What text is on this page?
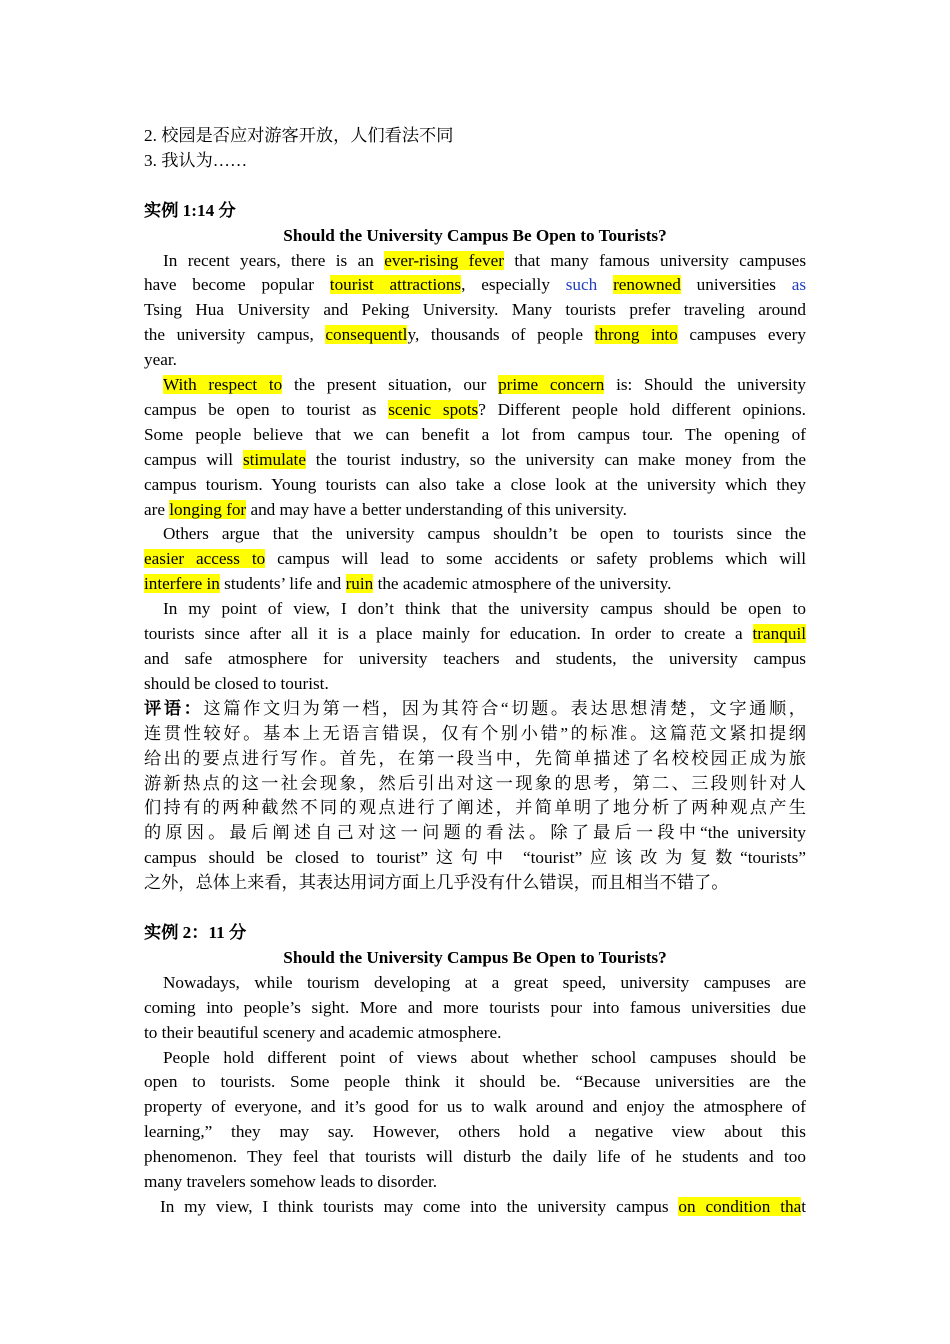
2. 校园是否应对游客开放，人们看法不同
3. 我认为……
实例 1:14 分
Should the University Campus Be Open to Tourists?
In recent years, there is an ever-rising fever that many famous university campuses
have become popular tourist attractions, especially such renowned universities as
Tsing Hua University and Peking University. Many tourists prefer traveling around
the university campus, consequently, thousands of people throng into campuses every
year.
With respect to the present situation, our prime concern is: Should the university
campus be open to tourist as scenic spots? Different people hold different opinions.
Some people believe that we can benefit a lot from campus tour. The opening of
campus will stimulate the tourist industry, so the university can make money from the
campus tourism. Young tourists can also take a close look at the university which they
are longing for and may have a better understanding of this university.
Others argue that the university campus shouldn’t be open to tourists since the
easier access to campus will lead to some accidents or safety problems which will
interfere in students’ life and ruin the academic atmosphere of the university.
In my point of view, I don’t think that the university campus should be open to
tourists since after all it is a place mainly for education. In order to create a tranquil
and safe atmosphere for university teachers and students, the university campus
should be closed to tourist.
评语：这篇作文归为第一档，因为其符合“切题。表达思想清楚，文字通顺，
连贯性较好。基本上无语言错误，仅有个别小错”的标准。这篇范文紧扣提纲
给出的要点进行写作。首先，在第一段当中，先简单描述了名校校园正成为旅
游新热点的这一社会现象，然后引出对这一现象的思考，第二、三段则针对人
们持有的两种截然不同的观点进行了阐述，并简单明了地分析了两种观点产生
的原因。最后阐述自己对这一问题的看法。除了最后一段中“the university
campus should be closed to tourist”这句中 “tourist”应该改为复数“tourists”
之外，总体上来看，其表达用词方面上几乎没有什么错误，而且相当不错了。
实例 2：11 分
Should the University Campus Be Open to Tourists?
Nowadays, while tourism developing at a great speed, university campuses are
coming into people’s sight. More and more tourists pour into famous universities due
to their beautiful scenery and academic atmosphere.
People hold different point of views about whether school campuses should be
open to tourists. Some people think it should be. “Because universities are the
property of everyone, and it’s good for us to walk around and enjoy the atmosphere of
learning,” they may say. However, others hold a negative view about this
phenomenon. They feel that tourists will disturb the daily life of he students and too
many travelers somehow leads to disorder.
In my view, I think tourists may come into the university campus on condition that
